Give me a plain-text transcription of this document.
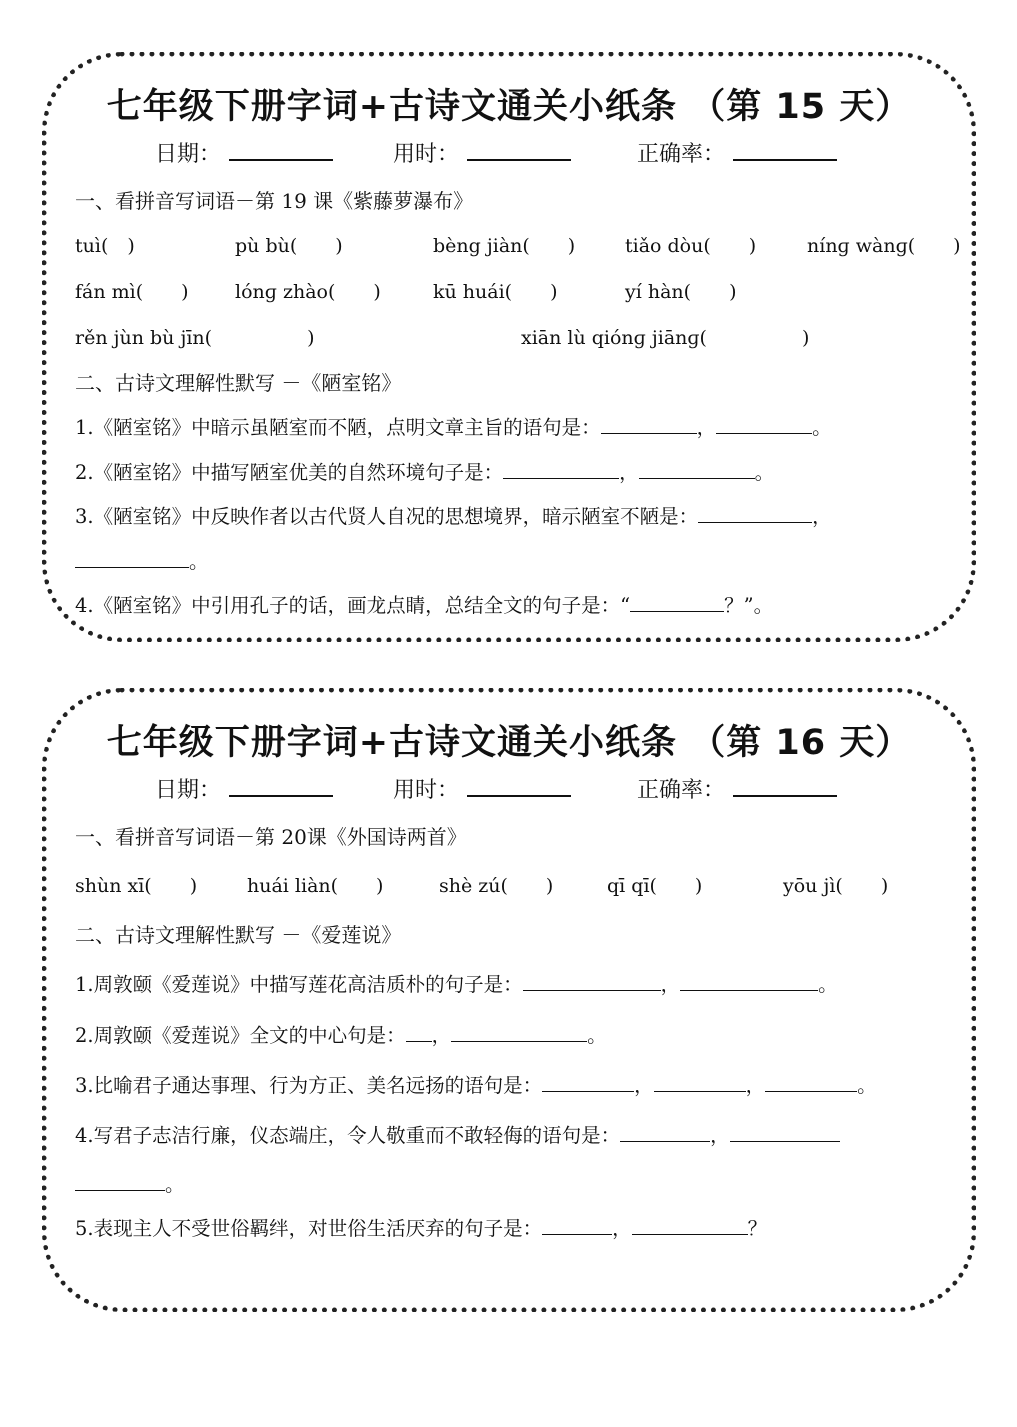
七年级下册字词+古诗文通关小纸条 （第 15 天）
日期：	用时：	正确率：
一、看拼音写词语－第 19 课《紫藤萝瀑布》
tuì(　)	pù bù(　　)	bèng jiàn(　　)	tiǎo dòu(　　)	nínɡ wànɡ(　　)
fán mì(　　) lónɡ zhào(　　)	kū huái(　　)	yí hàn(　　)
rěn jùn bù jīn(　　　　　)	xiān lù qiónɡ jiānɡ(　　　　　)
二、古诗文理解性默写 －《陋室铭》
1.《陋室铭》中暗示虽陋室而不陋，点明文章主旨的语句是：	，	。
2.《陋室铭》中描写陋室优美的自然环境句子是：	，	。
3.《陋室铭》中反映作者以古代贤人自况的思想境界，暗示陋室不陋是：	，
。
4.《陋室铭》中引用孔子的话，画龙点睛，总结全文的句子是：“	？”。
七年级下册字词+古诗文通关小纸条 （第 16 天）
日期：	用时：	正确率：
一、看拼音写词语－第 20课《外国诗两首》
shùn xī(　　)	huái liàn(　　)	shè zú(　　)	qī qī(　　)	yōu jì(　　)
二、古诗文理解性默写 －《爱莲说》
1.周敦颐《爱莲说》中描写莲花高洁质朴的句子是：	，	。
2.周敦颐《爱莲说》全文的中心句是： ，	。
3.比喻君子通达事理、行为方正、美名远扬的语句是：	，	，	。
4.写君子志洁行廉，仪态端庄，令人敬重而不敢轻侮的语句是：	，
。
5.表现主人不受世俗羁绊，对世俗生活厌弃的句子是：	，	？
